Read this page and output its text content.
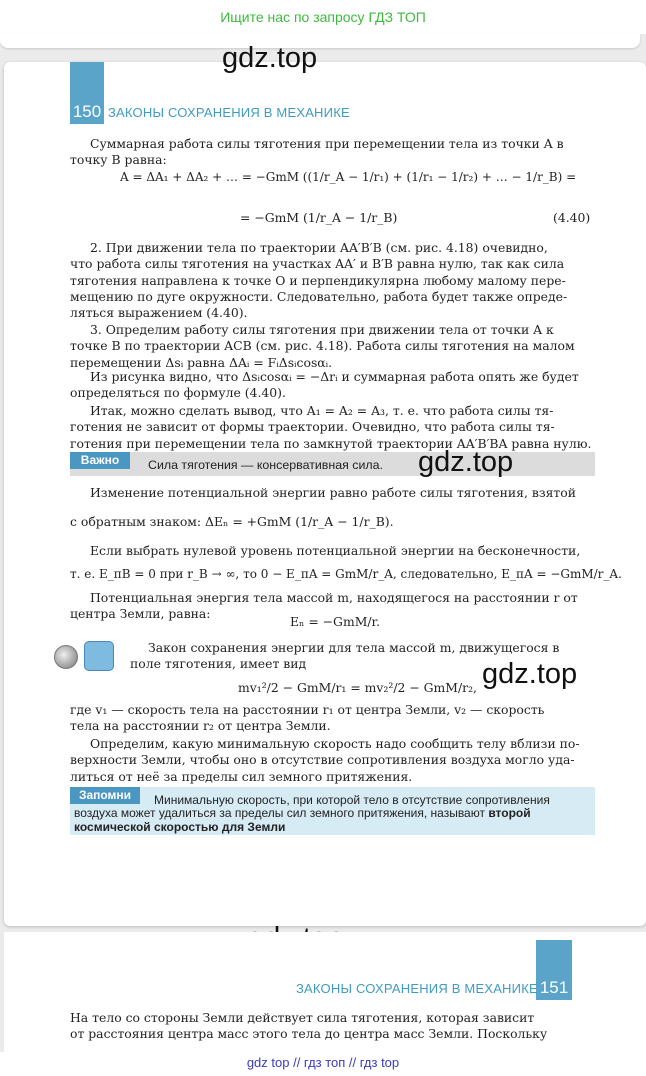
Ищите нас по запросу ГДЗ ТОП
gdz.top
150 ЗАКОНЫ СОХРАНЕНИЯ В МЕХАНИКЕ
Суммарная работа силы тяготения при перемещении тела из точки A в
точку B равна:
A = ΔA₁ + ΔA₂ + … = −GmM ((1/r_A − 1/r₁) + (1/r₁ − 1/r₂) + … − 1/r_B) =
= −GmM (1/r_A − 1/r_B)	(4.40)
2. При движении тела по траектории AA′B′B (см. рис. 4.18) очевидно,
что работа силы тяготения на участках AA′ и B′B равна нулю, так как сила
тяготения направлена к точке O и перпендикулярна любому малому пере-
мещению по дуге окружности. Следовательно, работа будет также опреде-
ляться выражением (4.40).
3. Определим работу силы тяготения при движении тела от точки A к
точке B по траектории ACB (см. рис. 4.18). Работа силы тяготения на малом
перемещении Δsᵢ равна ΔAᵢ = FᵢΔsᵢcosαᵢ.
Из рисунка видно, что Δsᵢcosαᵢ = −Δrᵢ и суммарная работа опять же будет
определяться по формуле (4.40).
Итак, можно сделать вывод, что A₁ = A₂ = A₃, т. е. что работа силы тя-
готения не зависит от формы траектории. Очевидно, что работа силы тя-
готения при перемещении тела по замкнутой траектории AA′B′BA равна нулю.
Важно	Сила тяготения — консервативная сила. gdz.top
Изменение потенциальной энергии равно работе силы тяготения, взятой
с обратным знаком: ΔEₙ = +GmM (1/r_A − 1/r_B).
Если выбрать нулевой уровень потенциальной энергии на бесконечности,
т. е. E_пB = 0 при r_B → ∞, то 0 − E_пA = GmM/r_A, следовательно, E_пA = −GmM/r_A.
Потенциальная энергия тела массой m, находящегося на расстоянии r от
центра Земли, равна:
Eₙ = −GmM/r.
Закон сохранения энергии для тела массой m, движущегося в
поле тяготения, имеет вид	gdz.top
mv₁²/2 − GmM/r₁ = mv₂²/2 − GmM/r₂,
где v₁ — скорость тела на расстоянии r₁ от центра Земли, v₂ — скорость
тела на расстоянии r₂ от центра Земли.
Определим, какую минимальную скорость надо сообщить телу вблизи по-
верхности Земли, чтобы оно в отсутствие сопротивления воздуха могло уда-
литься от неё за пределы сил земного притяжения.
Запомни	Минимальную скорость, при которой тело в отсутствие сопротивления
воздуха может удалиться за пределы сил земного притяжения, называют второй
космической скоростью для Земли
151
ЗАКОНЫ СОХРАНЕНИЯ В МЕХАНИКЕ
На тело со стороны Земли действует сила тяготения, которая зависит
от расстояния центра масс этого тела до центра масс Земли. Поскольку
gdz top // гдз топ // гдз top
